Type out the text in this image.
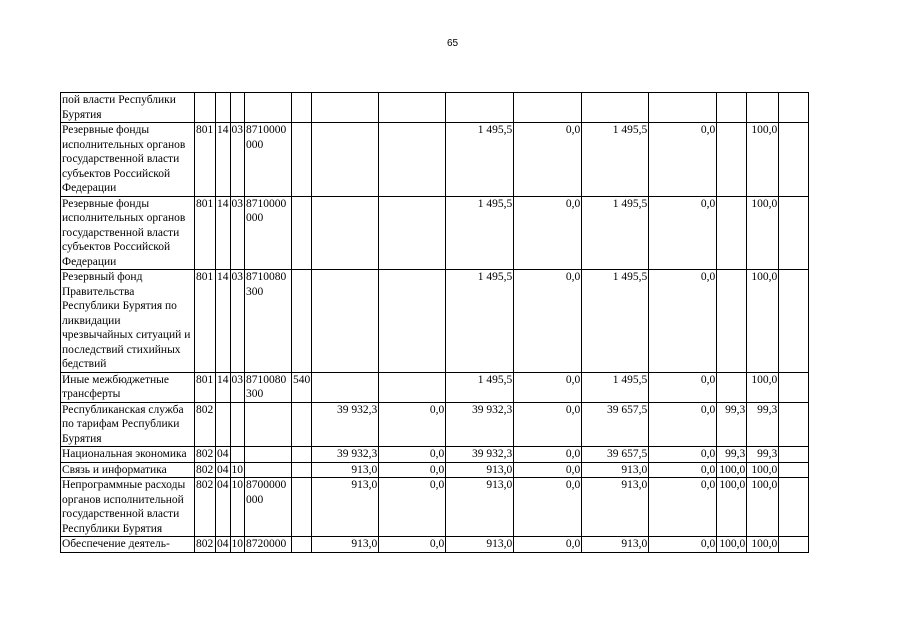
65
пой власти Республики Бурятия														
Резервные фонды исполнительных органов государственной власти субъектов Российской Федерации	801	14	03	8710000000				1 495,5	0,0	1 495,5	0,0		100,0	
Резервные фонды исполнительных органов государственной власти субъектов Российской Федерации	801	14	03	8710000000				1 495,5	0,0	1 495,5	0,0		100,0	
Резервный фонд Правительства Республики Бурятия по ликвидации чрезвычайных ситуаций и последствий стихийных бедствий	801	14	03	8710080300				1 495,5	0,0	1 495,5	0,0		100,0	
Иные межбюджетные трансферты	801	14	03	8710080300	540			1 495,5	0,0	1 495,5	0,0		100,0	
Республиканская служба по тарифам Республики Бурятия	802					39 932,3	0,0	39 932,3	0,0	39 657,5	0,0	99,3	99,3	
Национальная экономика	802	04				39 932,3	0,0	39 932,3	0,0	39 657,5	0,0	99,3	99,3	
Связь и информатика	802	04	10			913,0	0,0	913,0	0,0	913,0	0,0	100,0	100,0	
Непрограммные расходы органов исполнительной государственной власти Республики Бурятия	802	04	10	8700000000		913,0	0,0	913,0	0,0	913,0	0,0	100,0	100,0	
Обеспечение деятель-	802	04	10	8720000		913,0	0,0	913,0	0,0	913,0	0,0	100,0	100,0	
